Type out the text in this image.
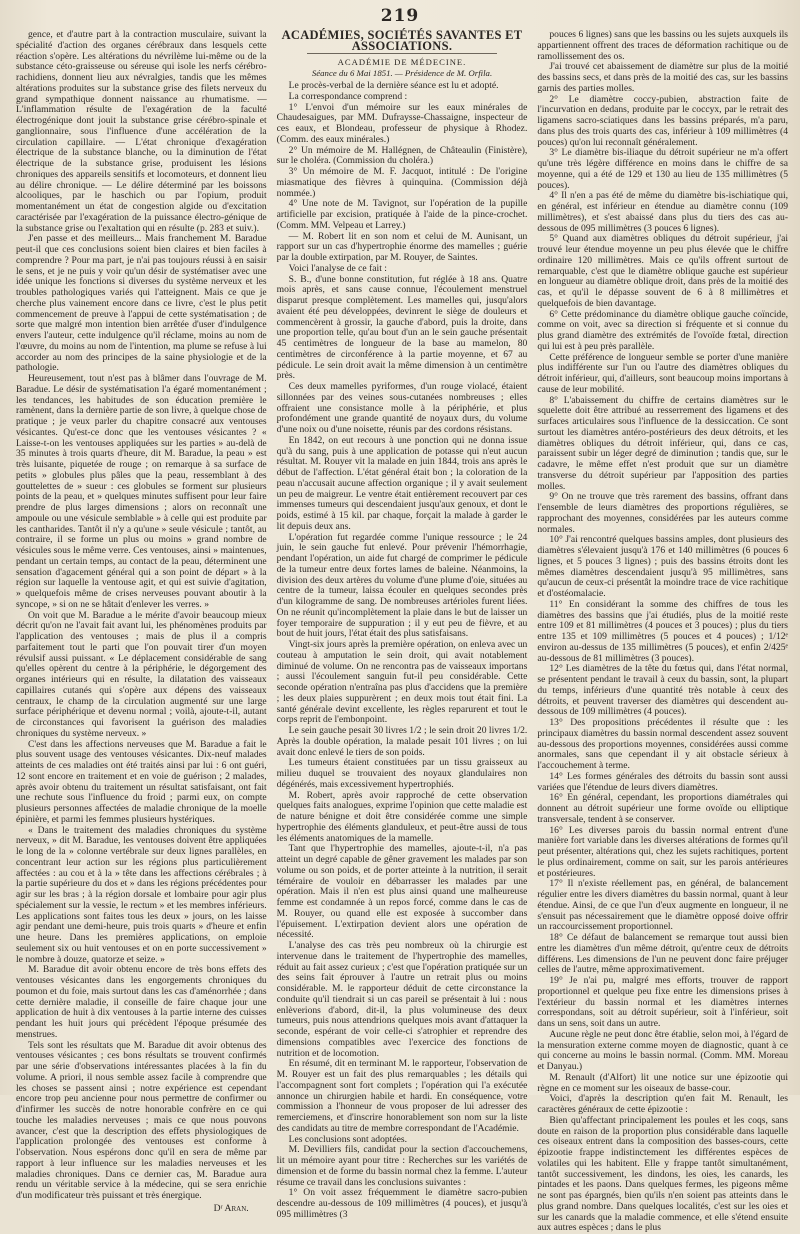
219

gence, et d'autre part à la contraction musculaire, suivant la spécialité d'action des organes cérébraux dans lesquels cette réaction s'opère. Les altérations du névrilème lui-même ou de la substance céto-graisseuse ou séreuse qui isole les nerfs cérébro-rachidiens, donnent lieu aux névralgies, tandis que les mêmes altérations produites sur la substance grise des filets nerveux du grand sympathique donnent naissance au rhumatisme. — L'inflammation résulte de l'exagération de la faculté électrogénique dont jouit la substance grise cérébro-spinale et ganglionnaire, sous l'influence d'une accélération de la circulation capillaire. — L'état chronique d'exagération électrique de la substance blanche, ou la diminution de l'état électrique de la substance grise, produisent les lésions chroniques des appareils sensitifs et locomoteurs, et donnent lieu au délire chronique. — Le délire déterminé par les boissons alcooliques, par le haschich ou par l'opium, produit momentanément un état de congestion algide ou d'excitation caractérisée par l'exagération de la puissance électro-génique de la substance grise ou l'exaltation qui en résulte (p. 283 et suiv.).

J'en passe et des meilleurs... Mais franchement M. Baradue peut-il que ces conclusions soient bien claires et bien faciles à comprendre ? Pour ma part, je n'ai pas toujours réussi à en saisir le sens, et je ne puis y voir qu'un désir de systématiser avec une idée unique les fonctions si diverses du système nerveux et les troubles pathologiques variés qui l'atteignent. Mais ce que je cherche plus vainement encore dans ce livre, c'est le plus petit commencement de preuve à l'appui de cette systématisation ; de sorte que malgré mon intention bien arrêtée d'user d'indulgence envers l'auteur, cette indulgence qu'il réclame, moins au nom de l'œuvre, du moins au nom de l'intention, ma plume se refuse à lui accorder au nom des principes de la saine physiologie et de la pathologie.

Heureusement, tout n'est pas à blâmer dans l'ouvrage de M. Baradue. Le désir de systématisation l'a égaré momentanément ; les tendances, les habitudes de son éducation première le ramènent, dans la dernière partie de son livre, à quelque chose de pratique ; je veux parler du chapitre consacré aux ventouses vésicantes. Qu'est-ce donc que les ventouses vésicantes ? « Laisse-t-on les ventouses appliquées sur les parties » au-delà de 35 minutes à trois quarts d'heure, dit M. Baradue, la peau » est très luisante, piquetée de rouge ; on remarque à sa surface de petits » globules plus pâles que la peau, ressemblant à des gouttelettes de » sueur : ces globules se forment sur plusieurs points de la peau, et » quelques minutes suffisent pour leur faire prendre de plus larges dimensions ; alors on reconnaît une ampoule ou une vésicule semblable » à celle qui est produite par les cantharides. Tantôt il n'y a qu'une » seule vésicule ; tantôt, au contraire, il se forme un plus ou moins » grand nombre de vésicules sous le même verre. Ces ventouses, ainsi » maintenues, pendant un certain temps, au contact de la peau, déterminent une sensation d'agacement général qui a son point de départ » à la région sur laquelle la ventouse agit, et qui est suivie d'agitation, » quelquefois même de crises nerveuses pouvant aboutir à la syncope, » si on ne se hâtait d'enlever les verres. »

On voit que M. Baradue a le mérite d'avoir beaucoup mieux décrit qu'on ne l'avait fait avant lui, les phénomènes produits par l'application des ventouses ; mais de plus il a compris parfaitement tout le parti que l'on pouvait tirer d'un moyen révulsif aussi puissant. « Le déplacement considérable de sang qu'elles opèrent du centre à la périphérie, le dégorgement des organes intérieurs qui en résulte, la dilatation des vaisseaux capillaires cutanés qui s'opère aux dépens des vaisseaux centraux, le champ de la circulation augmenté sur une large surface périphérique et devenu normal ; voilà, ajoute-t-il, autant de circonstances qui favorisent la guérison des maladies chroniques du système nerveux. »

C'est dans les affections nerveuses que M. Baradue a fait le plus souvent usage des ventouses vésicantes. Dix-neuf malades atteints de ces maladies ont été traités ainsi par lui : 6 ont guéri, 12 sont encore en traitement et en voie de guérison ; 2 malades, après avoir obtenu du traitement un résultat satisfaisant, ont fait une rechute sous l'influence du froid ; parmi eux, on compte plusieurs personnes affectées de maladie chronique de la moelle épinière, et parmi les femmes plusieurs hystériques.

« Dans le traitement des maladies chroniques du système nerveux, » dit M. Baradue, les ventouses doivent être appliquées le long de la » colonne vertébrale sur deux lignes parallèles, en concentrant leur action sur les régions plus particulièrement affectées : au cou et à la » tête dans les affections cérébrales ; à la partie supérieure du dos et » dans les régions précédentes pour agir sur les bras ; à la région dorsale et lombaire pour agir plus spécialement sur la vessie, le rectum » et les membres inférieurs. Les applications sont faites tous les deux » jours, on les laisse agir pendant une demi-heure, puis trois quarts » d'heure et enfin une heure. Dans les premières applications, on emploie seulement six ou huit ventouses et on en porte successivement » le nombre à douze, quatorze et seize. »

M. Baradue dit avoir obtenu encore de très bons effets des ventouses vésicantes dans les engorgements chroniques du poumon et du foie, mais surtout dans les cas d'aménorrhée ; dans cette dernière maladie, il conseille de faire chaque jour une application de huit à dix ventouses à la partie interne des cuisses pendant les huit jours qui précèdent l'époque présumée des menstrues.

Tels sont les résultats que M. Baradue dit avoir obtenus des ventouses vésicantes ; ces bons résultats se trouvent confirmés par une série d'observations intéressantes placées à la fin du volume. A priori, il nous semble assez facile à comprendre que les choses se passent ainsi ; notre expérience est cependant encore trop peu ancienne pour nous permettre de confirmer ou d'infirmer les succès de notre honorable confrère en ce qui touche les maladies nerveuses ; mais ce que nous pouvons avancer, c'est que la description des effets physiologiques de l'application prolongée des ventouses est conforme à l'observation. Nous espérons donc qu'il en sera de même par rapport à leur influence sur les maladies nerveuses et les maladies chroniques. Dans ce dernier cas, M. Baradue aura rendu un véritable service à la médecine, qui se sera enrichie d'un modificateur très puissant et très énergique.

Dʳ Aran.
ACADÉMIES, SOCIÉTÉS SAVANTES ET ASSOCIATIONS.
ACADÉMIE DE MÉDECINE.
Séance du 6 Mai 1851. — Présidence de M. Orfila.

Le procès-verbal de la dernière séance est lu et adopté.

La correspondance comprend :

1° L'envoi d'un mémoire sur les eaux minérales de Chaudesaigues, par MM. Dufraysse-Chassaigne, inspecteur de ces eaux, et Blondeau, professeur de physique à Rhodez. (Comm. des eaux minérales.)

2° Un mémoire de M. Hallégnen, de Châteaulin (Finistère), sur le choléra. (Commission du choléra.)

3° Un mémoire de M. F. Jacquot, intitulé : De l'origine miasmatique des fièvres à quinquina. (Commission déjà nommée.)

4° Une note de M. Tavignot, sur l'opération de la pupille artificielle par excision, pratiquée à l'aide de la pince-crochet. (Comm. MM. Velpeau et Larrey.)

— M. Robert lit en son nom et celui de M. Aunisant, un rapport sur un cas d'hypertrophie énorme des mamelles ; guérie par la double extirpation, par M. Rouyer, de Saintes.

Voici l'analyse de ce fait :

S. B., d'une bonne constitution, fut réglée à 18 ans. Quatre mois après, et sans cause connue, l'écoulement menstruel disparut presque complètement. Les mamelles qui, jusqu'alors avaient été peu développées, devinrent le siège de douleurs et commencèrent à grossir, la gauche d'abord, puis la droite, dans une proportion telle, qu'au bout d'un an le sein gauche présentait 45 centimètres de longueur de la base au mamelon, 80 centimètres de circonférence à la partie moyenne, et 67 au pédicule. Le sein droit avait la même dimension à un centimètre près.

Ces deux mamelles pyriformes, d'un rouge violacé, étaient sillonnées par des veines sous-cutanées nombreuses ; elles offraient une consistance molle à la périphérie, et plus profondément une grande quantité de noyaux durs, du volume d'une noix ou d'une noisette, réunis par des cordons résistans.

En 1842, on eut recours à une ponction qui ne donna issue qu'à du sang, puis à une application de potasse qui n'eut aucun résultat. M. Rouyer vit la malade en juin 1844, trois ans après le début de l'affection. L'état général était bon ; la coloration de la peau n'accusait aucune affection organique ; il y avait seulement un peu de maigreur. Le ventre était entièrement recouvert par ces immenses tumeurs qui descendaient jusqu'aux genoux, et dont le poids, estimé à 15 kil. par chaque, forçait la malade à garder le lit depuis deux ans.

L'opération fut regardée comme l'unique ressource ; le 24 juin, le sein gauche fut enlevé. Pour prévenir l'hémorrhagie, pendant l'opération, un aide fut chargé de comprimer le pédicule de la tumeur entre deux fortes lames de baleine. Néanmoins, la division des deux artères du volume d'une plume d'oie, situées au centre de la tumeur, laissa écouler en quelques secondes près d'un kilogramme de sang. De nombreuses artérioles furent liées. On ne réunit qu'incomplètement la plaie dans le but de laisser un foyer temporaire de suppuration ; il y eut peu de fièvre, et au bout de huit jours, l'état était des plus satisfaisans.

Vingt-six jours après la première opération, on enleva avec un couteau à amputation le sein droit, qui avait notablement diminué de volume. On ne rencontra pas de vaisseaux importans ; aussi l'écoulement sanguin fut-il peu considérable. Cette seconde opération n'entraîna pas plus d'accidens que la première ; les deux plaies suppurèrent ; en deux mois tout était fini. La santé générale devint excellente, les règles reparurent et tout le corps reprit de l'embonpoint.

Le sein gauche pesait 30 livres 1/2 ; le sein droit 20 livres 1/2. Après la double opération, la malade pesait 101 livres ; on lui avait donc enlevé le tiers de son poids.

Les tumeurs étaient constituées par un tissu graisseux au milieu duquel se trouvaient des noyaux glandulaires non dégénérés, mais excessivement hypertrophiés.

M. Robert, après avoir rapproché de cette observation quelques faits analogues, exprime l'opinion que cette maladie est de nature bénigne et doit être considérée comme une simple hypertrophie des éléments glanduleux, et peut-être aussi de tous les éléments anatomiques de la mamelle.

Tant que l'hypertrophie des mamelles, ajoute-t-il, n'a pas atteint un degré capable de gêner gravement les malades par son volume ou son poids, et de porter atteinte à la nutrition, il serait téméraire de vouloir en débarrasser les malades par une opération. Mais il n'en est plus ainsi quand une malheureuse femme est condamnée à un repos forcé, comme dans le cas de M. Rouyer, ou quand elle est exposée à succomber dans l'épuisement. L'extirpation devient alors une opération de nécessité.

L'analyse des cas très peu nombreux où la chirurgie est intervenue dans le traitement de l'hypertrophie des mamelles, réduit au fait assez curieux ; c'est que l'opération pratiquée sur un des seins fait éprouver à l'autre un retrait plus ou moins considérable. M. le rapporteur déduit de cette circonstance la conduite qu'il tiendrait si un cas pareil se présentait à lui : nous enlèverions d'abord, dit-il, la plus volumineuse des deux tumeurs, puis nous attendrions quelques mois avant d'attaquer la seconde, espérant de voir celle-ci s'atrophier et reprendre des dimensions compatibles avec l'exercice des fonctions de nutrition et de locomotion.

En résumé, dit en terminant M. le rapporteur, l'observation de M. Rouyer est un fait des plus remarquables ; les détails qui l'accompagnent sont fort complets ; l'opération qui l'a exécutée annonce un chirurgien habile et hardi. En conséquence, votre commission a l'honneur de vous proposer de lui adresser des remerciemens, et d'inscrire honorablement son nom sur la liste des candidats au titre de membre correspondant de l'Académie.

Les conclusions sont adoptées.

M. Devilliers fils, candidat pour la section d'accouchemens, lit un mémoire ayant pour titre : Recherches sur les variétés de dimension et de forme du bassin normal chez la femme. L'auteur résume ce travail dans les conclusions suivantes :

1° On voit assez fréquemment le diamètre sacro-pubien descendre au-dessous de 109 millimètres (4 pouces), et jusqu'à 095 millimètres (3

pouces 6 lignes) sans que les bassins ou les sujets auxquels ils appartiennent offrent des traces de déformation rachitique ou de ramollissement des os.

J'ai trouvé cet abaissement de diamètre sur plus de la moitié des bassins secs, et dans près de la moitié des cas, sur les bassins garnis des parties molles.

2° Le diamètre coccy-pubien, abstraction faite de l'incurvation en dedans, produite par le coccyx, par le retrait des ligamens sacro-sciatiques dans les bassins préparés, m'a paru, dans plus des trois quarts des cas, inférieur à 109 millimètres (4 pouces) qu'on lui reconnaît généralement.

3° Le diamètre bis-iliaque du détroit supérieur ne m'a offert qu'une très légère différence en moins dans le chiffre de sa moyenne, qui a été de 129 et 130 au lieu de 135 millimètres (5 pouces).

4° Il n'en a pas été de même du diamètre bis-ischiatique qui, en général, est inférieur en étendue au diamètre connu (109 millimètres), et s'est abaissé dans plus du tiers des cas au-dessous de 095 millimètres (3 pouces 6 lignes).

5° Quand aux diamètres obliques du détroit supérieur, j'ai trouvé leur étendue moyenne un peu plus élevée que le chiffre ordinaire 120 millimètres. Mais ce qu'ils offrent surtout de remarquable, c'est que le diamètre oblique gauche est supérieur en longueur au diamètre oblique droit, dans près de la moitié des cas, et qu'il le dépasse souvent de 6 à 8 millimètres et quelquefois de bien davantage.

6° Cette prédominance du diamètre oblique gauche coïncide, comme on voit, avec sa direction si fréquente et si connue du plus grand diamètre des extrémités de l'ovoïde fœtal, direction qui lui est à peu près parallèle.

Cette préférence de longueur semble se porter d'une manière plus indifférente sur l'un ou l'autre des diamètres obliques du détroit inférieur, qui, d'ailleurs, sont beaucoup moins importans à cause de leur mobilité.

8° L'abaissement du chiffre de certains diamètres sur le squelette doit être attribué au resserrement des ligamens et des surfaces articulaires sous l'influence de la dessiccation. Ce sont surtout les diamètres antéro-postérieurs des deux détroits, et les diamètres obliques du détroit inférieur, qui, dans ce cas, paraissent subir un léger degré de diminution ; tandis que, sur le cadavre, le même effet n'est produit que sur un diamètre transverse du détroit supérieur par l'apposition des parties molles.

9° On ne trouve que très rarement des bassins, offrant dans l'ensemble de leurs diamètres des proportions régulières, se rapprochant des moyennes, considérées par les auteurs comme normales.

10° J'ai rencontré quelques bassins amples, dont plusieurs des diamètres s'élevaient jusqu'à 176 et 140 millimètres (6 pouces 6 lignes, et 5 pouces 3 lignes) ; puis des bassins étroits dont les mêmes diamètres descendaient jusqu'à 95 millimètres, sans qu'aucun de ceux-ci présentât la moindre trace de vice rachitique et d'ostéomalacie.

11° En considérant la somme des chiffres de tous les diamètres des bassins que j'ai étudiés, plus de la moitié reste entre 109 et 81 millimètres (4 pouces et 3 pouces) ; plus du tiers entre 135 et 109 millimètres (5 pouces et 4 pouces) ; 1/12ᵉ environ au-dessus de 135 millimètres (5 pouces), et enfin 2/425ᵉ au-dessous de 81 millimètres (3 pouces).

12° Les diamètres de la tête du fœtus qui, dans l'état normal, se présentent pendant le travail à ceux du bassin, sont, la plupart du temps, inférieurs d'une quantité très notable à ceux des détroits, et peuvent traverser des diamètres qui descendent au-dessous de 109 millimètres (4 pouces).

13° Des propositions précédentes il résulte que : les principaux diamètres du bassin normal descendent assez souvent au-dessous des proportions moyennes, considérées aussi comme anormales, sans que cependant il y ait obstacle sérieux à l'accouchement à terme.

14° Les formes générales des détroits du bassin sont aussi variées que l'étendue de leurs divers diamètres.

16° En général, cependant, les proportions diamétrales qui donnent au détroit supérieur une forme ovoïde ou elliptique transversale, tendent à se conserver.

16° Les diverses parois du bassin normal entrent d'une manière fort variable dans les diverses altérations de formes qu'il peut présenter, altérations qui, chez les sujets rachitiques, portent le plus ordinairement, comme on sait, sur les parois antérieures et postérieures.

17° Il n'existe réellement pas, en général, de balancement régulier entre les divers diamètres du bassin normal, quant à leur étendue. Ainsi, de ce que l'un d'eux augmente en longueur, il ne s'ensuit pas nécessairement que le diamètre opposé doive offrir un raccourcissement proportionnel.

18° Ce défaut de balancement se remarque tout aussi bien entre les diamètres d'un même détroit, qu'entre ceux de détroits différens. Les dimensions de l'un ne peuvent donc faire préjuger celles de l'autre, même approximativement.

19° Je n'ai pu, malgré mes efforts, trouver de rapport proportionnel et quelque peu fixe entre les dimensions prises à l'extérieur du bassin normal et les diamètres internes correspondans, soit au détroit supérieur, soit à l'inférieur, soit dans un sens, soit dans un autre.

Aucune règle ne peut donc être établie, selon moi, à l'égard de la mensuration externe comme moyen de diagnostic, quant à ce qui concerne au moins le bassin normal. (Comm. MM. Moreau et Danyau.)

M. Renault (d'Alfort) lit une notice sur une épizootie qui règne en ce moment sur les oiseaux de basse-cour.

Voici, d'après la description qu'en fait M. Renault, les caractères généraux de cette épizootie :

Bien qu'affectant principalement les poules et les coqs, sans doute en raison de la proportion plus considérable dans laquelle ces oiseaux entrent dans la composition des basses-cours, cette épizootie frappe indistinctement les différentes espèces de volatiles qui les habitent. Elle y frappe tantôt simultanément, tantôt successivement, les dindons, les oies, les canards, les pintades et les paons. Dans quelques fermes, les pigeons même ne sont pas épargnés, bien qu'ils n'en soient pas atteints dans le plus grand nombre. Dans quelques localités, c'est sur les oies et sur les canards que la maladie commence, et elle s'étend ensuite aux autres espèces ; dans le plus
